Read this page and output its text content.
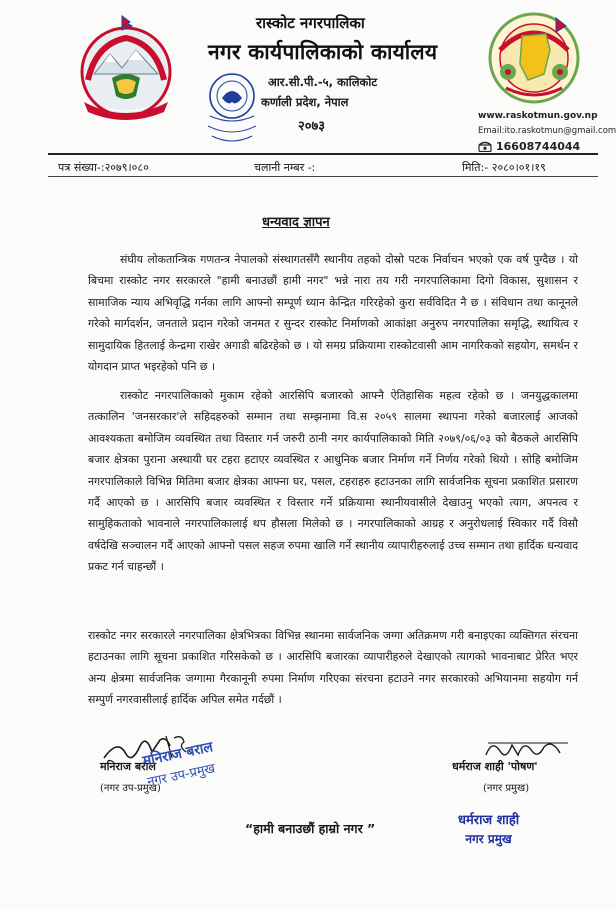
रास्कोट नगरपालिका
नगर कार्यपालिकाको कार्यालय
आर.सी.पी.-५, कालिकोट
कर्णाली प्रदेश, नेपाल
२०७३
www.raskotmun.gov.np
Email:ito.raskotmun@gmail.com
16608744044
पत्र संख्या-:२०७९।०८०	चलानी नम्बर -:	मिति:- २०८०।०१।१९
धन्यवाद ज्ञापन

संघीय लोकतान्त्रिक गणतन्त्र नेपालको संस्थागतसँगै स्थानीय तहको दोस्रो पटक निर्वाचन भएको एक वर्ष पुग्दैछ । यो बिचमा रास्कोट नगर सरकारले "हामी बनाउछौं हामी नगर" भन्ने नारा तय गरी नगरपालिकामा दिगो विकास, सुशासन र सामाजिक न्याय अभिवृद्धि गर्नका लागि आफ्नो सम्पूर्ण ध्यान केन्द्रित गरिरहेको कुरा सर्वविदित नै छ । संविधान तथा कानूनले गरेको मार्गदर्शन, जनताले प्रदान गरेको जनमत र सुन्दर रास्कोट निर्माणको आकांक्षा अनुरुप नगरपालिका समृद्धि, स्थायित्व र सामुदायिक हितलाई केन्द्रमा राखेर अगाडी बढिरहेको छ । यो समग्र प्रक्रियामा रास्कोटवासी आम नागरिकको सहयोग, समर्थन र योगदान प्राप्त भइरहेको पनि छ ।

रास्कोट नगरपालिकाको मुकाम रहेको आरसिपि बजारको आफ्नै ऐतिहासिक महत्व रहेको छ । जनयुद्धकालमा तत्कालिन 'जनसरकार'ले सहिदहरुको सम्मान तथा सम्झनामा वि.स २०५९ सालमा स्थापना गरेको बजारलाई आजको आवश्यकता बमोजिम व्यवस्थित तथा विस्तार गर्न जरुरी ठानी नगर कार्यपालिकाको मिति २०७९/०६/०३ को बैठकले आरसिपि बजार क्षेत्रका पुराना अस्थायी घर टहरा हटाएर व्यवस्थित र आधुनिक बजार निर्माण गर्ने निर्णय गरेको थियो । सोहि बमोजिम नगरपालिकाले विभिन्न मितिमा बजार क्षेत्रका आफ्ना घर, पसल, टहराहरु हटाउनका लागि सार्वजनिक सूचना प्रकाशित प्रसारण गर्दै आएको छ । आरसिपि बजार व्यवस्थित र विस्तार गर्ने प्रक्रियामा स्थानीयवासीले देखाउनु भएको त्याग, अपनत्व र सामुहिकताको भावनाले नगरपालिकालाई थप हौसला मिलेको छ । नगरपालिकाको आग्रह र अनुरोधलाई स्विकार गर्दै विसौ वर्षदेखि सञ्चालन गर्दै आएको आफ्नो पसल सहज रुपमा खालि गर्ने स्थानीय व्यापारीहरुलाई उच्च सम्मान तथा हार्दिक धन्यवाद प्रकट गर्न चाहन्छौं ।

रास्कोट नगर सरकारले नगरपालिका क्षेत्रभित्रका विभिन्न स्थानमा सार्वजनिक जग्गा अतिक्रमण गरी बनाइएका व्यक्तिगत संरचना हटाउनका लागि सूचना प्रकाशित गरिसकेको छ । आरसिपि बजारका व्यापारीहरुले देखाएको त्यागको भावनाबाट प्रेरित भएर अन्य क्षेत्रमा सार्वजनिक जग्गामा गैरकानूनी रुपमा निर्माण गरिएका संरचना हटाउने नगर सरकारको अभियानमा सहयोग गर्न सम्पुर्ण नगरवासीलाई हार्दिक अपिल समेत गर्दछौं ।

मनिराज बराल
(नगर उप-प्रमुख)
मनिराज बराल
नगर उप-प्रमुख	धर्मराज शाही 'पोषण'
(नगर प्रमुख)
धर्मराज शाही
नगर प्रमुख
“हामी बनाउछौं हाम्रो नगर ”
